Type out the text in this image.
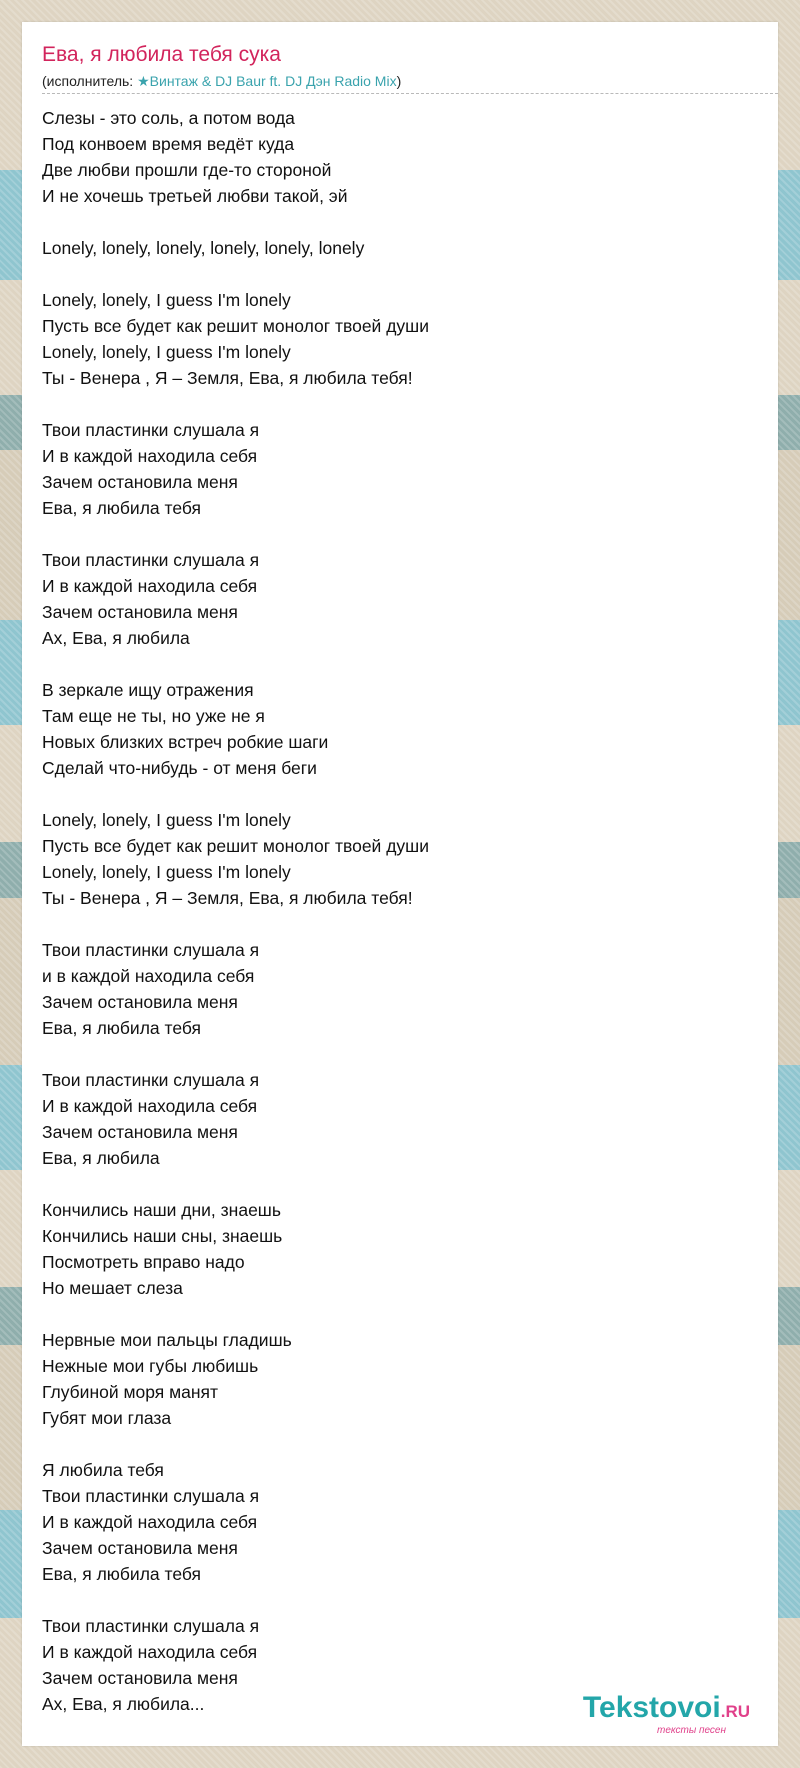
Ева, я любила тебя сука
(исполнитель: ★Винтаж & DJ Baur ft. DJ Дэн Radio Mix)
Слезы - это соль, а потом вода
Под конвоем время ведёт куда
Две любви прошли где-то стороной
И не хочешь третьей любви такой, эй
Lonely, lonely, lonely, lonely, lonely, lonely
Lonely, lonely, I guess I'm lonely
Пусть все будет как решит монолог твоей души
Lonely, lonely, I guess I'm lonely
Ты - Венера , Я – Земля, Ева, я любила тебя!
Твои пластинки слушала я
И в каждой находила себя
Зачем остановила меня
Ева, я любила тебя
Твои пластинки слушала я
И в каждой находила себя
Зачем остановила меня
Ах, Ева, я любила
В зеркале ищу отражения
Там еще не ты, но уже не я
Новых близких встреч робкие шаги
Сделай что-нибудь - от меня беги
Lonely, lonely, I guess I'm lonely
Пусть все будет как решит монолог твоей души
Lonely, lonely, I guess I'm lonely
Ты - Венера , Я – Земля, Ева, я любила тебя!
Твои пластинки слушала я
и в каждой находила себя
Зачем остановила меня
Ева, я любила тебя
Твои пластинки слушала я
И в каждой находила себя
Зачем остановила меня
Ева, я любила
Кончились наши дни, знаешь
Кончились наши сны, знаешь
Посмотреть вправо надо
Но мешает слеза
Нервные мои пальцы гладишь
Нежные мои губы любишь
Глубиной моря манят
Губят мои глаза
Я любила тебя
Твои пластинки слушала я
И в каждой находила себя
Зачем остановила меня
Ева, я любила тебя
Твои пластинки слушала я
И в каждой находила себя
Зачем остановила меня
Ах, Ева, я любила...	Tekstovoi.RU
тексты песен
